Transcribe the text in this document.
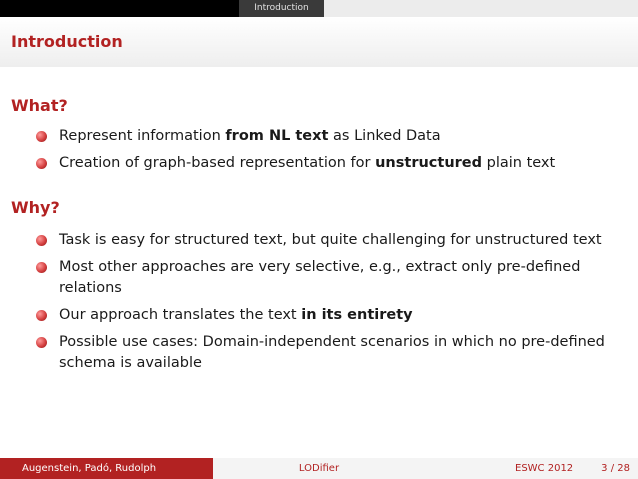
Introduction
Introduction
What?
Represent information from NL text as Linked Data
Creation of graph-based representation for unstructured plain text
Why?
Task is easy for structured text, but quite challenging for unstructured text
Most other approaches are very selective, e.g., extract only pre-defined relations
Our approach translates the text in its entirety
Possible use cases: Domain-independent scenarios in which no pre-defined schema is available
Augenstein, Padó, Rudolph	LODifier	ESWC 2012	3 / 28
